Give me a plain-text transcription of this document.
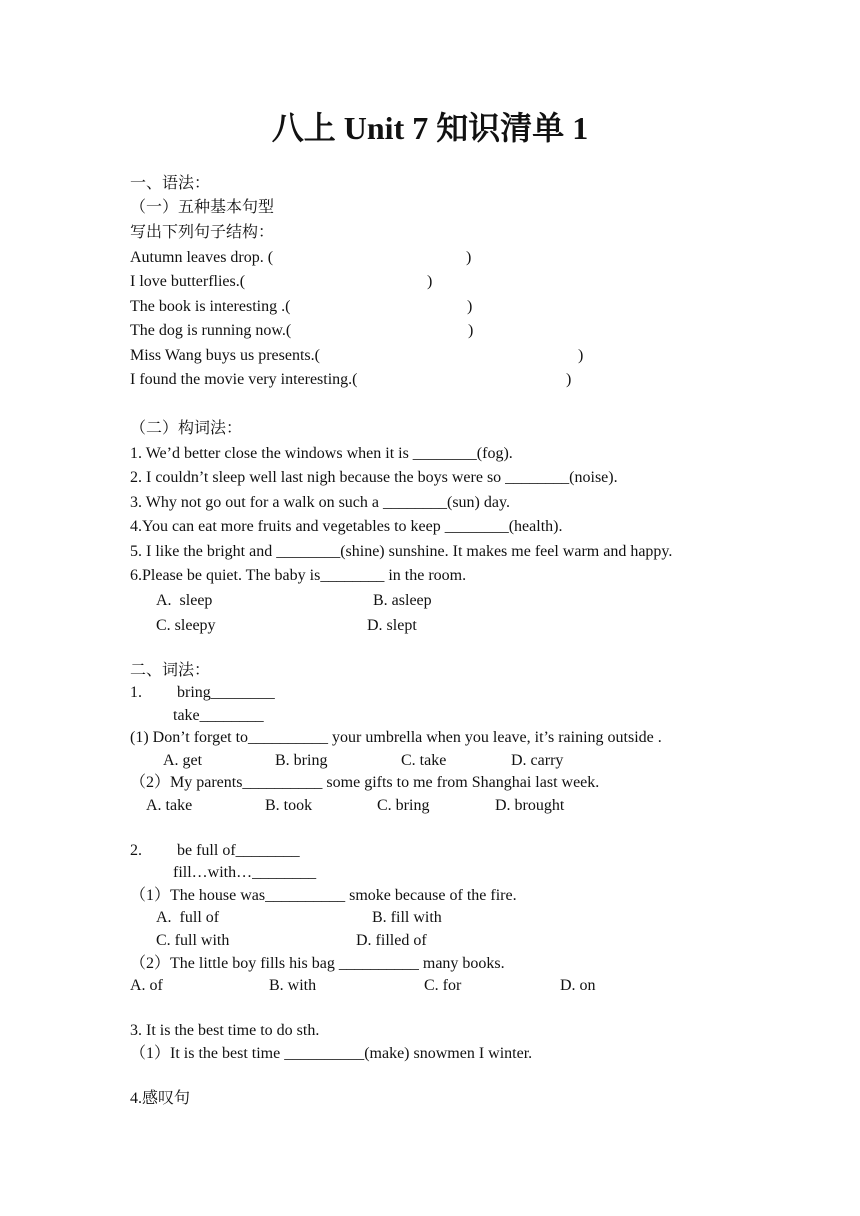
八上 Unit 7 知识清单 1
一、语法：
（一）五种基本句型
写出下列句子结构：
Autumn leaves drop. (	)
I love butterflies.(	)
The book is interesting .(	)
The dog is running now.(	)
Miss Wang buys us presents.(	)
I found the movie very interesting.(	)
（二）构词法：
1. We’d better close the windows when it is ________(fog).
2. I couldn’t sleep well last nigh because the boys were so ________(noise).
3. Why not go out for a walk on such a ________(sun) day.
4.You can eat more fruits and vegetables to keep ________(health).
5. I like the bright and ________(shine) sunshine. It makes me feel warm and happy.
6.Please be quiet. The baby is________ in the room.
A.  sleep	B. asleep
C. sleepy	D. slept
二、词法：
1. bring________
take________
(1) Don’t forget to__________ your umbrella when you leave, it’s raining outside .
A. get	B. bring	C. take	D. carry
（2）My parents__________ some gifts to me from Shanghai last week.
A. take	B. took	C. bring	D. brought
2. be full of________
fill…with…________
（1）The house was__________ smoke because of the fire.
A.  full of	B. fill with
C. full with	D. filled of
（2）The little boy fills his bag __________ many books.
A. of	B. with	C. for	D. on
3. It is the best time to do sth.
（1）It is the best time __________(make) snowmen I winter.
4.感叹句
